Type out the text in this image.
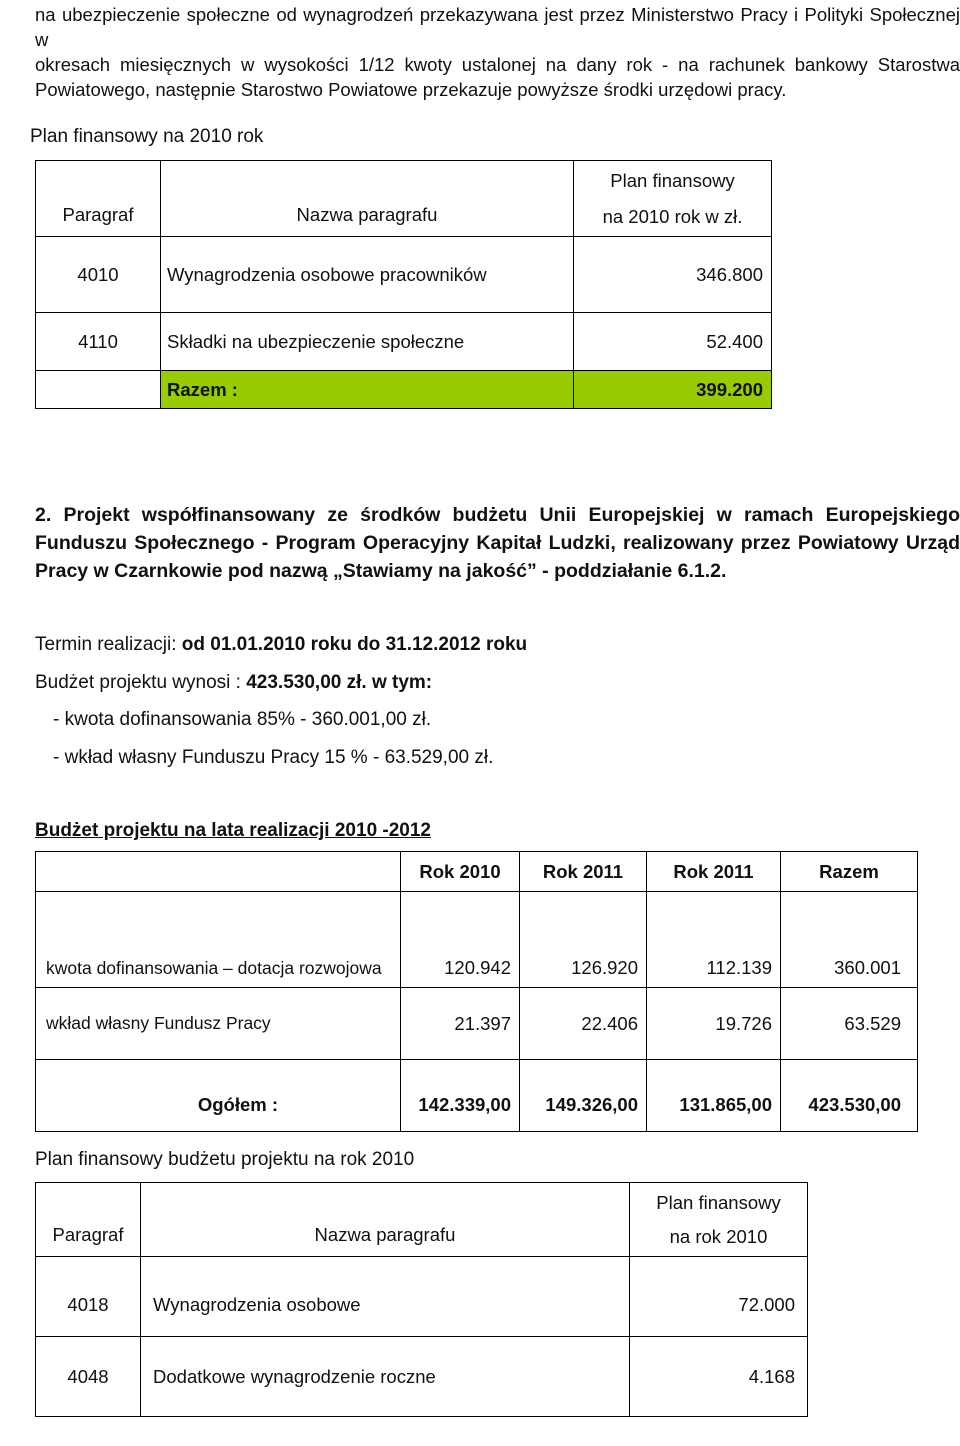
na ubezpieczenie społeczne od wynagrodzeń przekazywana jest przez Ministerstwo Pracy i Polityki Społecznej w
okresach miesięcznych w wysokości 1/12 kwoty ustalonej na dany rok - na rachunek bankowy Starostwa
Powiatowego, następnie Starostwo Powiatowe przekazuje powyższe środki urzędowi pracy.
Plan finansowy na 2010 rok
Paragraf	Nazwa paragrafu	Plan finansowy
na 2010 rok w zł.

4010	Wynagrodzenia osobowe pracowników	346.800
4110	Składki na ubezpieczenie społeczne	52.400
	Razem :	399.200
2. Projekt współfinansowany ze środków budżetu Unii Europejskiej w ramach Europejskiego
Funduszu Społecznego - Program Operacyjny Kapitał Ludzki, realizowany przez Powiatowy Urząd
Pracy w Czarnkowie pod nazwą „Stawiamy na jakość” - poddziałanie 6.1.2.
Termin realizacji: od 01.01.2010 roku do 31.12.2012 roku
Budżet projektu wynosi : 423.530,00 zł. w tym:
- kwota dofinansowania 85% - 360.001,00 zł.
- wkład własny Funduszu Pracy 15 % - 63.529,00 zł.
Budżet projektu na lata realizacji 2010 -2012
	Rok 2010	Rok 2011	Rok 2011	Razem
kwota dofinansowania – dotacja rozwojowa	120.942	126.920	112.139	360.001
wkład własny Fundusz Pracy	21.397	22.406	19.726	63.529
Ogółem :	142.339,00	149.326,00	131.865,00	423.530,00
Plan finansowy budżetu projektu na rok 2010
Paragraf	Nazwa paragrafu	Plan finansowy
na rok 2010

4018	Wynagrodzenia osobowe	72.000
4048	Dodatkowe wynagrodzenie roczne	4.168
